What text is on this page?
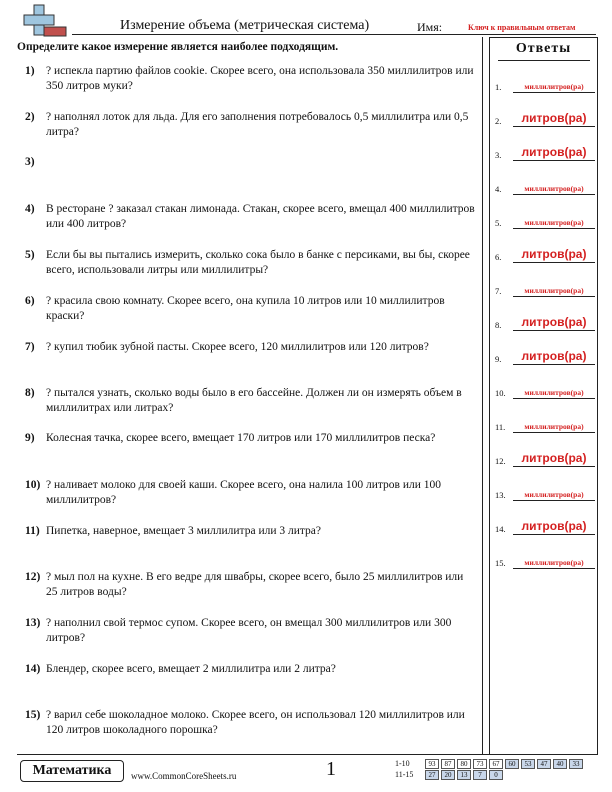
Измерение объема (метрическая система)	Имя:	Ключ к правильным ответам
Определите какое измерение является наиболее подходящим.
1) ? испекла партию файлов cookie. Скорее всего, она использовала 350 миллилитров или 350 литров муки?
2) ? наполнял лоток для льда. Для его заполнения потребовалось 0,5 миллилитра или 0,5 литра?
3)
4) В ресторане ? заказал стакан лимонада. Стакан, скорее всего, вмещал 400 миллилитров или 400 литров?
5) Если бы вы пытались измерить, сколько сока было в банке с персиками, вы бы, скорее всего, использовали литры или миллилитры?
6) ? красила свою комнату. Скорее всего, она купила 10 литров или 10 миллилитров краски?
7) ? купил тюбик зубной пасты. Скорее всего, 120 миллилитров или 120 литров?
8) ? пытался узнать, сколько воды было в его бассейне. Должен ли он измерять объем в миллилитрах или литрах?
9) Колесная тачка, скорее всего, вмещает 170 литров или 170 миллилитров песка?
10) ? наливает молоко для своей каши. Скорее всего, она налила 100 литров или 100 миллилитров?
11) Пипетка, наверное, вмещает 3 миллилитра или 3 литра?
12) ? мыл пол на кухне. В его ведре для швабры, скорее всего, было 25 миллилитров или 25 литров воды?
13) ? наполнил свой термос супом. Скорее всего, он вмещал 300 миллилитров или 300 литров?
14) Блендер, скорее всего, вмещает 2 миллилитра или 2 литра?
15) ? варил себе шоколадное молоко. Скорее всего, он использовал 120 миллилитров или 120 литров шоколадного порошка?
Ответы
1.	миллилитров(ра)
2.	литров(ра)
3.	литров(ра)
4.	миллилитров(ра)
5.	миллилитров(ра)
6.	литров(ра)
7.	миллилитров(ра)
8.	литров(ра)
9.	литров(ра)
10.	миллилитров(ра)
11.	миллилитров(ра)
12.	литров(ра)
13.	миллилитров(ра)
14.	литров(ра)
15.	миллилитров(ра)
Математика	www.CommonCoreSheets.ru	1	1-10	93	87	80	73	67	60	53	47	40	33
11-15	27	20	13	7	0
